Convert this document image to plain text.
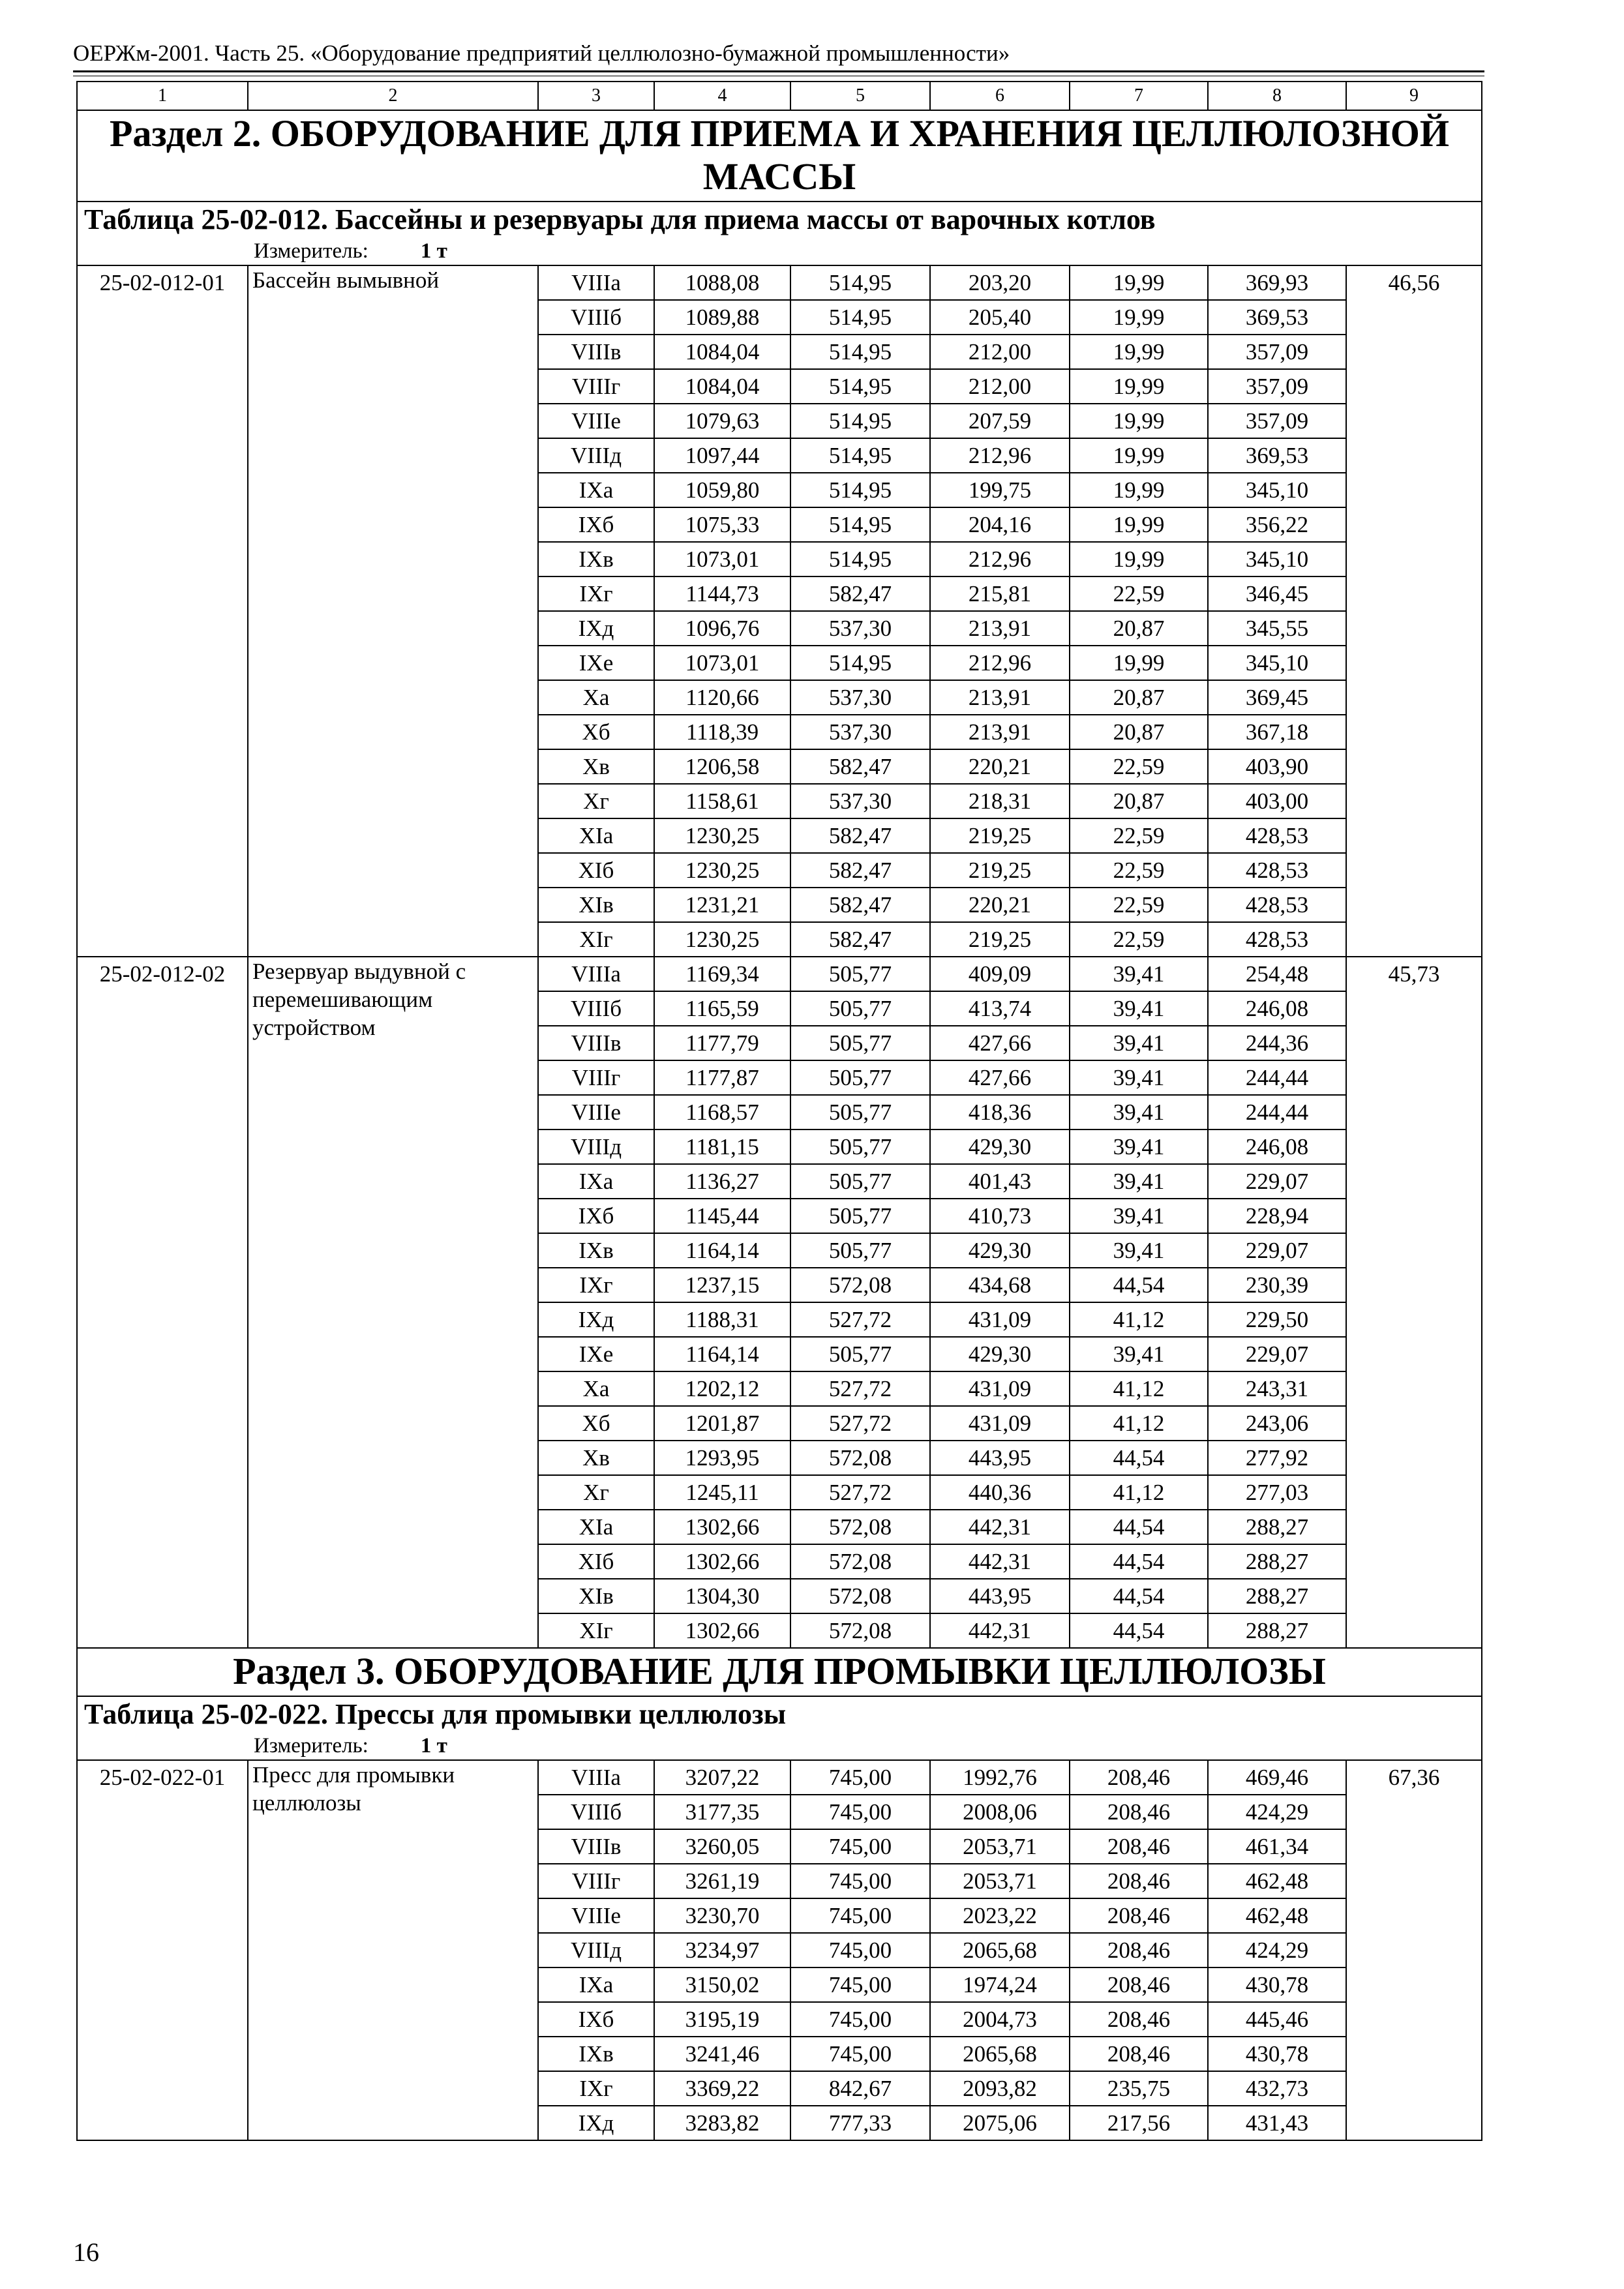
ОЕРЖм-2001. Часть 25. «Оборудование предприятий целлюлозно-бумажной промышленности»
1	2	3	4	5	6	7	8	9
Раздел 2. ОБОРУДОВАНИЕ ДЛЯ ПРИЕМА И ХРАНЕНИЯ ЦЕЛЛЮЛОЗНОЙ МАССЫ								
Таблица 25-02-012. Бассейны и резервуары для приема массы от варочных котлов								
Измеритель: 1 т								
25-02-012-01	Бассейн вымывной	VIIIа	1088,08	514,95	203,20	19,99	369,93	46,56
		VIIIб	1089,88	514,95	205,40	19,99	369,53	
		VIIIв	1084,04	514,95	212,00	19,99	357,09	
		VIIIг	1084,04	514,95	212,00	19,99	357,09	
		VIIIе	1079,63	514,95	207,59	19,99	357,09	
		VIIIд	1097,44	514,95	212,96	19,99	369,53	
		IXа	1059,80	514,95	199,75	19,99	345,10	
		IXб	1075,33	514,95	204,16	19,99	356,22	
		IXв	1073,01	514,95	212,96	19,99	345,10	
		IXг	1144,73	582,47	215,81	22,59	346,45	
		IXд	1096,76	537,30	213,91	20,87	345,55	
		IXе	1073,01	514,95	212,96	19,99	345,10	
		Ха	1120,66	537,30	213,91	20,87	369,45	
		Хб	1118,39	537,30	213,91	20,87	367,18	
		Хв	1206,58	582,47	220,21	22,59	403,90	
		Хг	1158,61	537,30	218,31	20,87	403,00	
		XIа	1230,25	582,47	219,25	22,59	428,53	
		XIб	1230,25	582,47	219,25	22,59	428,53	
		XIв	1231,21	582,47	220,21	22,59	428,53	
		XIг	1230,25	582,47	219,25	22,59	428,53	
25-02-012-02	Резервуар выдувной с перемешивающим устройством	VIIIа	1169,34	505,77	409,09	39,41	254,48	45,73
		VIIIб	1165,59	505,77	413,74	39,41	246,08	
		VIIIв	1177,79	505,77	427,66	39,41	244,36	
		VIIIг	1177,87	505,77	427,66	39,41	244,44	
		VIIIе	1168,57	505,77	418,36	39,41	244,44	
		VIIIд	1181,15	505,77	429,30	39,41	246,08	
		IXа	1136,27	505,77	401,43	39,41	229,07	
		IXб	1145,44	505,77	410,73	39,41	228,94	
		IXв	1164,14	505,77	429,30	39,41	229,07	
		IXг	1237,15	572,08	434,68	44,54	230,39	
		IXд	1188,31	527,72	431,09	41,12	229,50	
		IXе	1164,14	505,77	429,30	39,41	229,07	
		Ха	1202,12	527,72	431,09	41,12	243,31	
		Хб	1201,87	527,72	431,09	41,12	243,06	
		Хв	1293,95	572,08	443,95	44,54	277,92	
		Хг	1245,11	527,72	440,36	41,12	277,03	
		XIа	1302,66	572,08	442,31	44,54	288,27	
		XIб	1302,66	572,08	442,31	44,54	288,27	
		XIв	1304,30	572,08	443,95	44,54	288,27	
		XIг	1302,66	572,08	442,31	44,54	288,27	
Раздел 3. ОБОРУДОВАНИЕ ДЛЯ ПРОМЫВКИ ЦЕЛЛЮЛОЗЫ								
Таблица 25-02-022. Прессы для промывки целлюлозы								
Измеритель: 1 т								
25-02-022-01	Пресс для промывки целлюлозы	VIIIа	3207,22	745,00	1992,76	208,46	469,46	67,36
		VIIIб	3177,35	745,00	2008,06	208,46	424,29	
		VIIIв	3260,05	745,00	2053,71	208,46	461,34	
		VIIIг	3261,19	745,00	2053,71	208,46	462,48	
		VIIIе	3230,70	745,00	2023,22	208,46	462,48	
		VIIIд	3234,97	745,00	2065,68	208,46	424,29	
		IXа	3150,02	745,00	1974,24	208,46	430,78	
		IXб	3195,19	745,00	2004,73	208,46	445,46	
		IXв	3241,46	745,00	2065,68	208,46	430,78	
		IXг	3369,22	842,67	2093,82	235,75	432,73	
		IXд	3283,82	777,33	2075,06	217,56	431,43	
16
